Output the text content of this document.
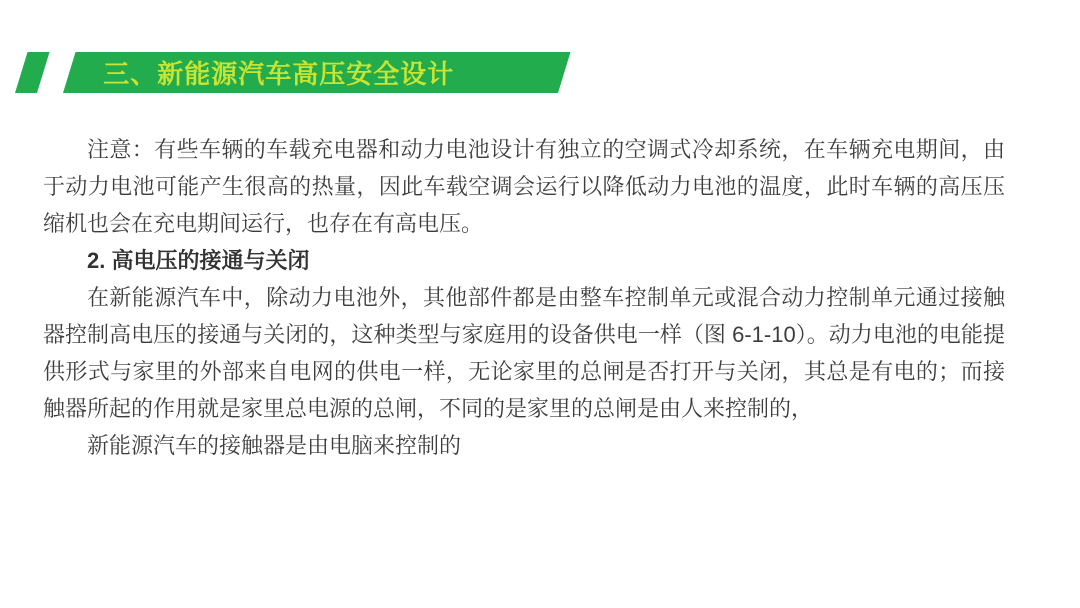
三、新能源汽车高压安全设计

注意：有些车辆的车载充电器和动力电池设计有独立的空调式冷却系统，在车辆充电期间，由于动力电池可能产生很高的热量，因此车载空调会运行以降低动力电池的温度，此时车辆的高压压缩机也会在充电期间运行，也存在有高电压。

2. 高电压的接通与关闭

在新能源汽车中，除动力电池外，其他部件都是由整车控制单元或混合动力控制单元通过接触器控制高电压的接通与关闭的，这种类型与家庭用的设备供电一样（图 6-1-10）。动力电池的电能提供形式与家里的外部来自电网的供电一样，无论家里的总闸是否打开与关闭，其总是有电的；而接触器所起的作用就是家里总电源的总闸，不同的是家里的总闸是由人来控制的，

新能源汽车的接触器是由电脑来控制的
